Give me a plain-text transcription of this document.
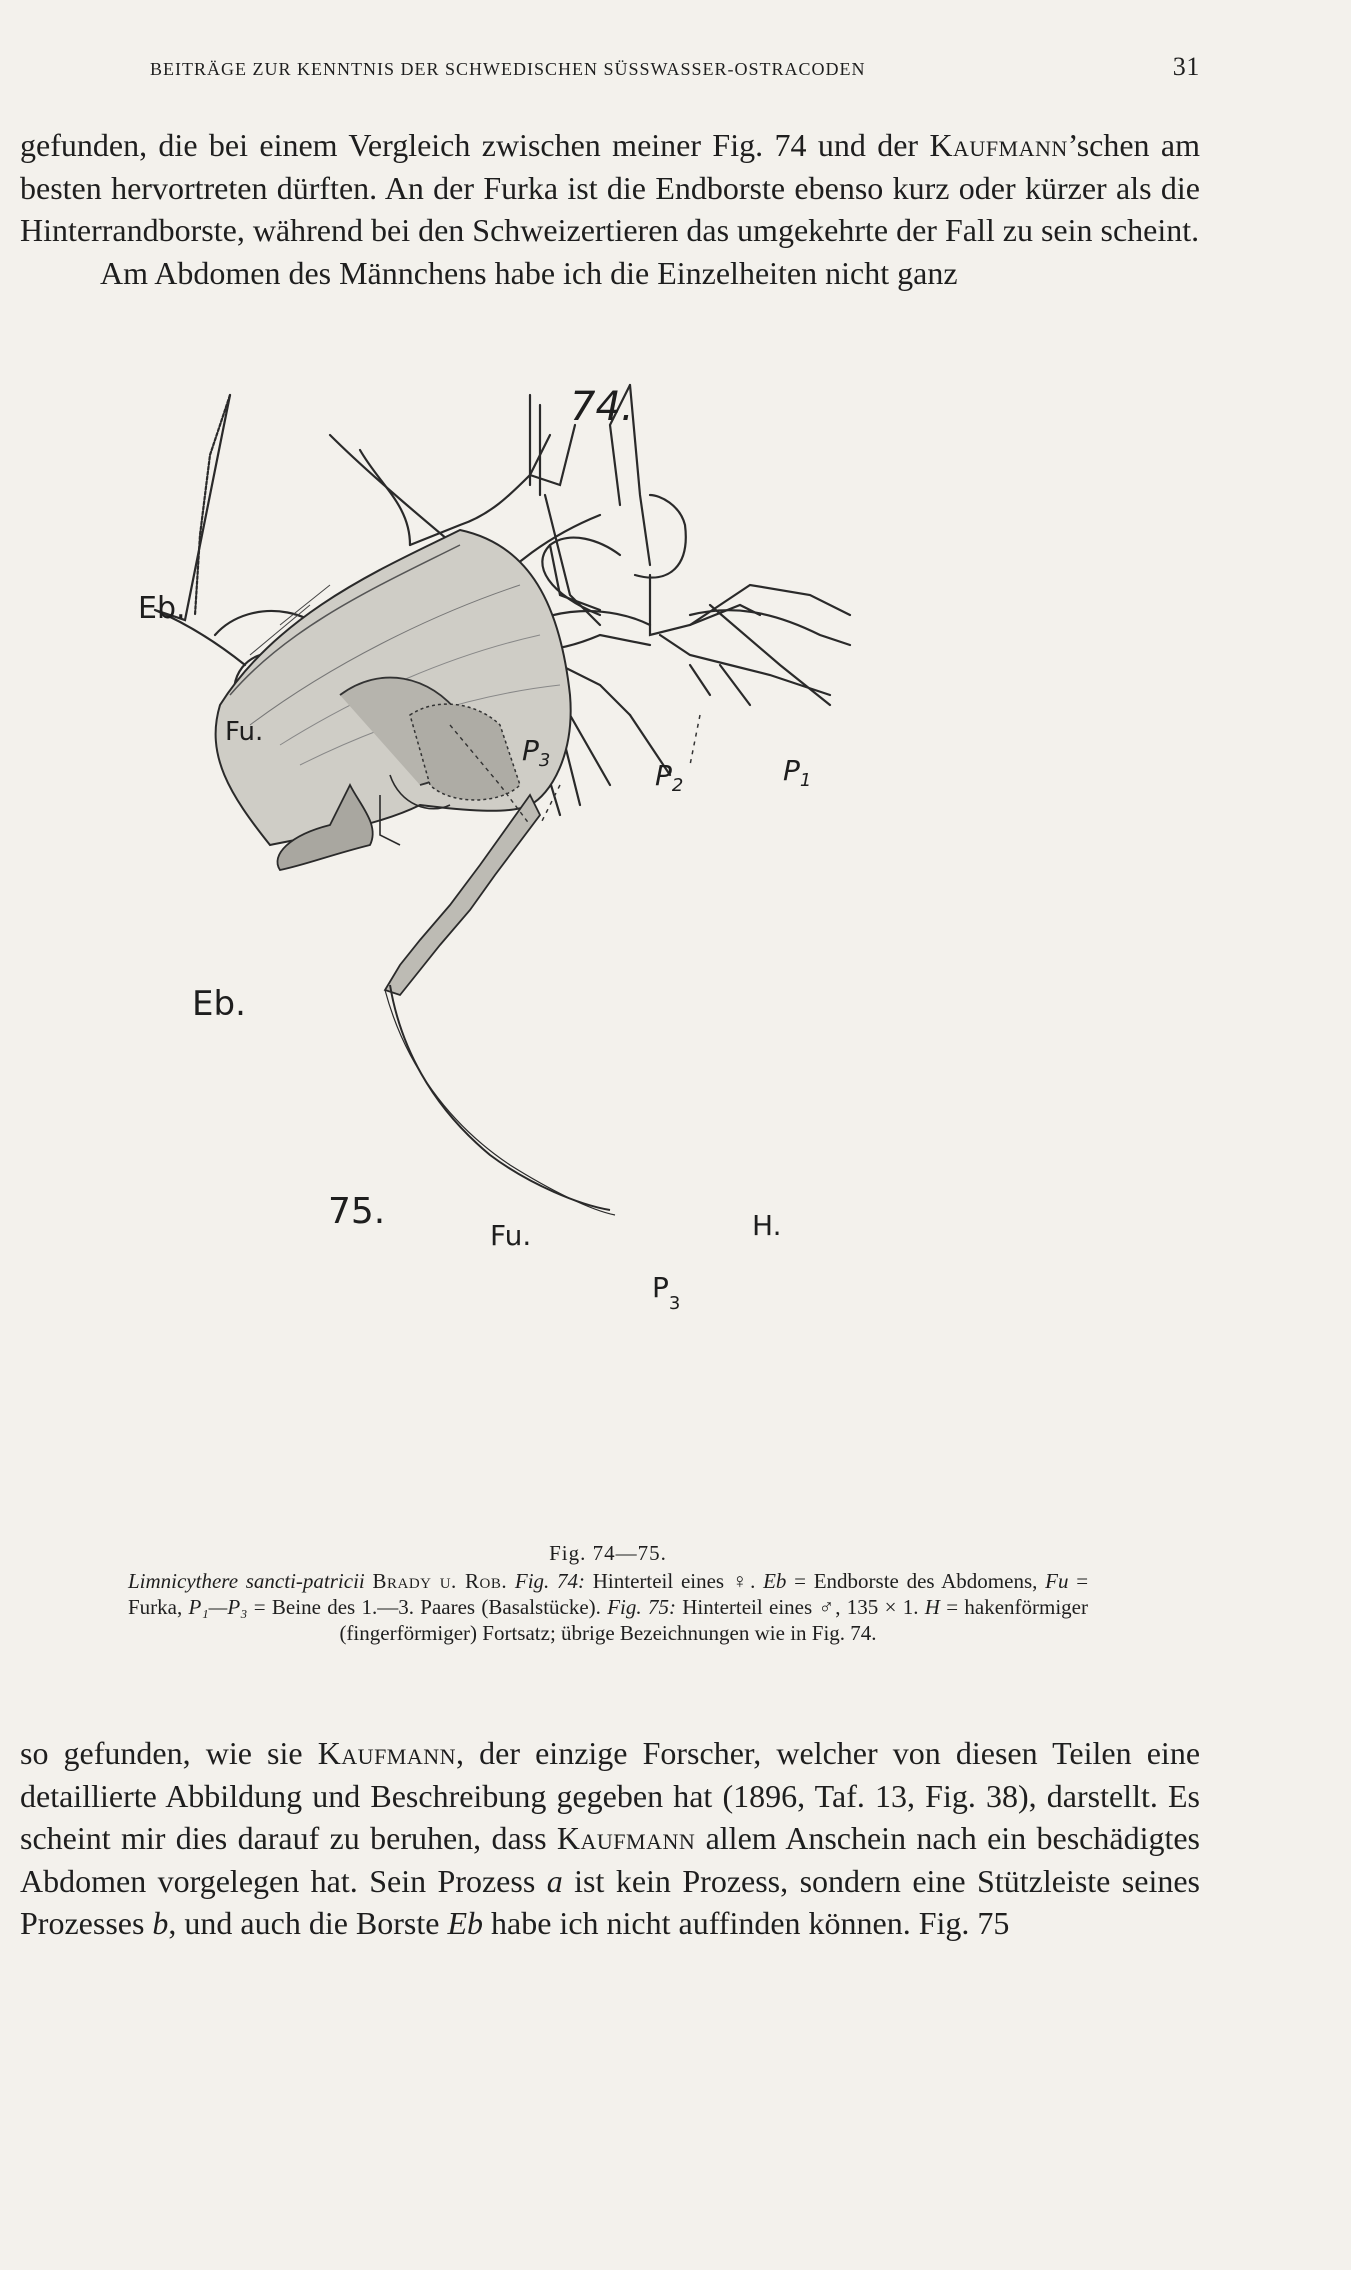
BEITRÄGE ZUR KENNTNIS DER SCHWEDISCHEN SÜSSWASSER-OSTRACODEN	31

gefunden, die bei einem Vergleich zwischen meiner Fig. 74 und der Kaufmann’schen am besten hervortreten dürften. An der Furka ist die Endborste ebenso kurz oder kürzer als die Hinterrandborste, während bei den Schweizertieren das umgekehrte der Fall zu sein scheint.

Am Abdomen des Männchens habe ich die Einzelheiten nicht ganz

Eb.
Fu.
74.
$P_2$
$P_3$	$P_1$
Eb.
75.
Fu.	H.
$P_3$
Fig. 74—75.
Limnicythere sancti-patricii Brady u. Rob. Fig. 74: Hinterteil eines ♀. Eb = Endborste des Abdomens, Fu = Furka, P₁—P₃ = Beine des 1.—3. Paares (Basalstücke). Fig. 75: Hinterteil eines ♂, 135 × 1. H = hakenförmiger (fingerförmiger) Fortsatz; übrige Bezeichnungen wie in Fig. 74.

so gefunden, wie sie Kaufmann, der einzige Forscher, welcher von diesen Teilen eine detaillierte Abbildung und Beschreibung gegeben hat (1896, Taf. 13, Fig. 38), darstellt. Es scheint mir dies darauf zu beruhen, dass Kaufmann allem Anschein nach ein beschädigtes Abdomen vorgelegen hat. Sein Prozess a ist kein Prozess, sondern eine Stützleiste seines Prozesses b, und auch die Borste Eb habe ich nicht auffinden können. Fig. 75
